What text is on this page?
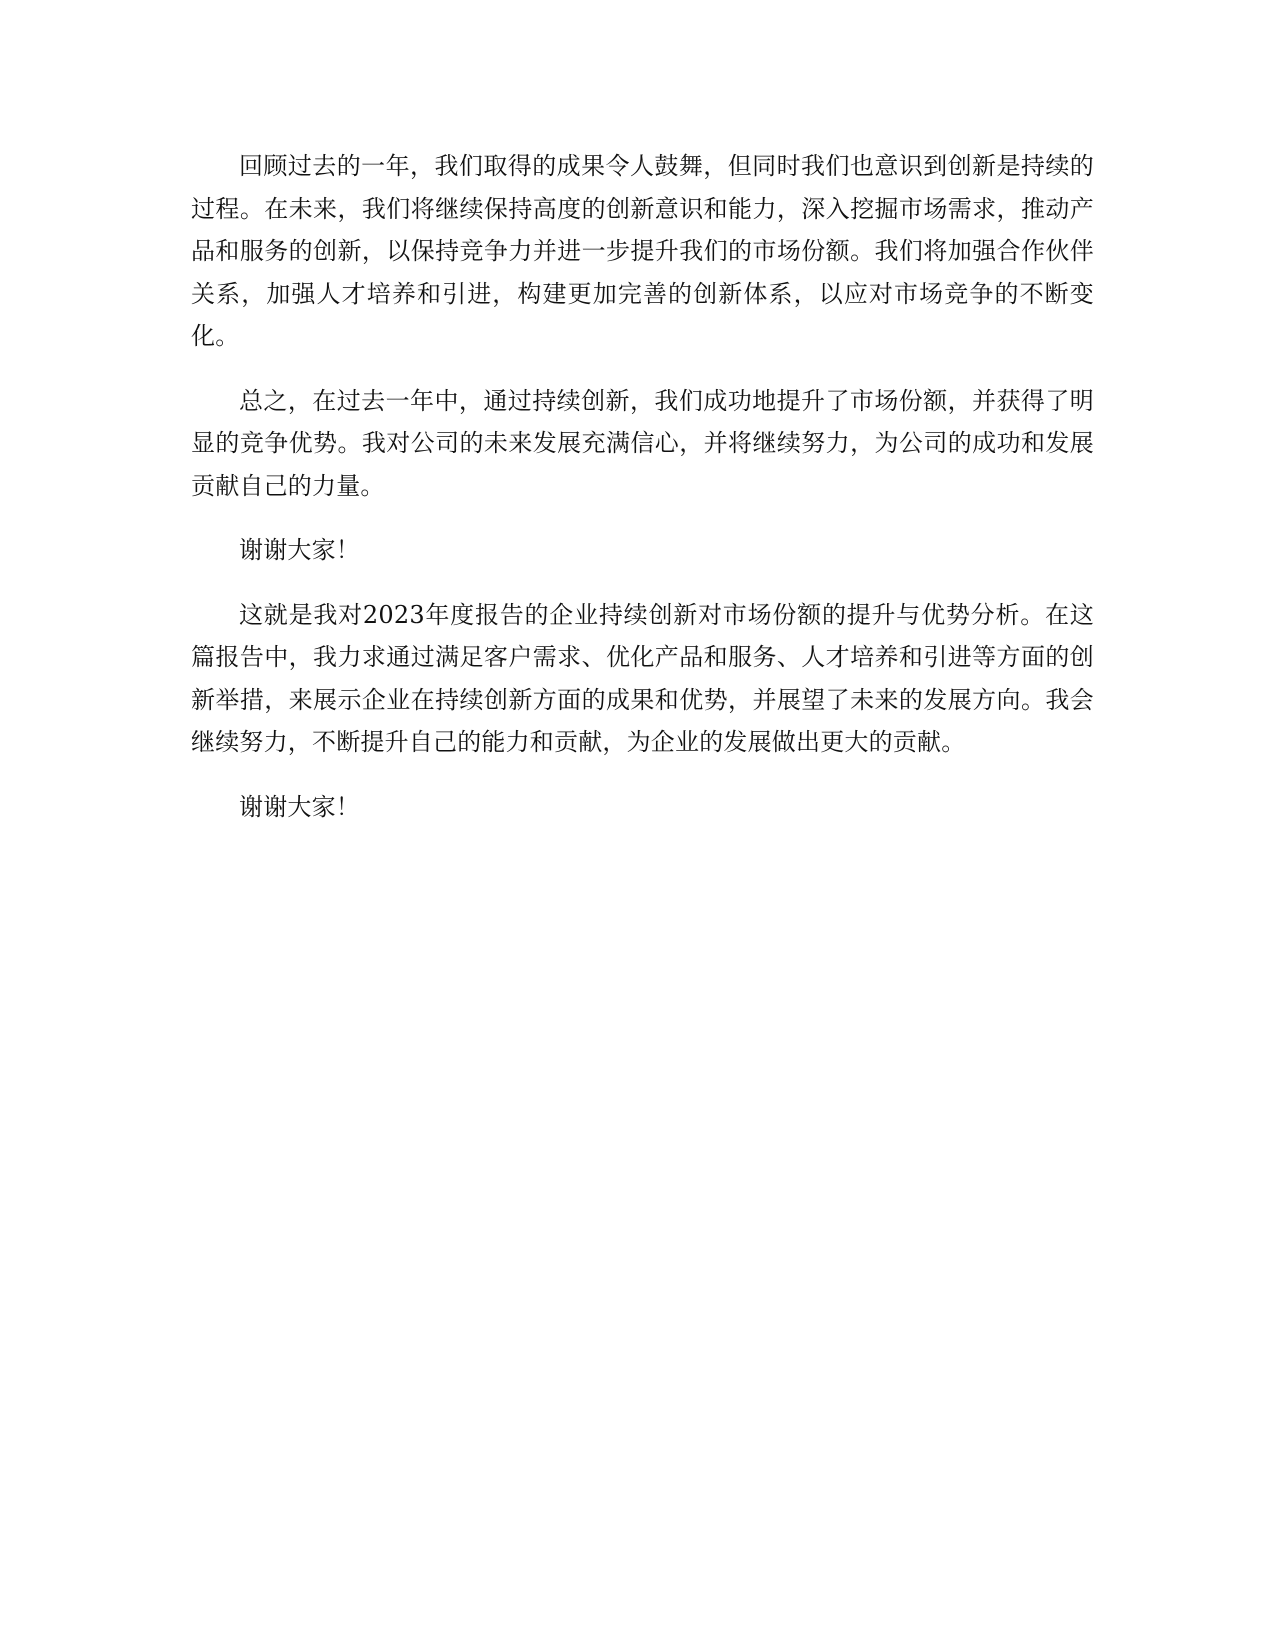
回顾过去的一年，我们取得的成果令人鼓舞，但同时我们也意识到创新是持续的过程。在未来，我们将继续保持高度的创新意识和能力，深入挖掘市场需求，推动产品和服务的创新，以保持竞争力并进一步提升我们的市场份额。我们将加强合作伙伴关系，加强人才培养和引进，构建更加完善的创新体系，以应对市场竞争的不断变化。

总之，在过去一年中，通过持续创新，我们成功地提升了市场份额，并获得了明显的竞争优势。我对公司的未来发展充满信心，并将继续努力，为公司的成功和发展贡献自己的力量。

谢谢大家！

这就是我对2023年度报告的企业持续创新对市场份额的提升与优势分析。在这篇报告中，我力求通过满足客户需求、优化产品和服务、人才培养和引进等方面的创新举措，来展示企业在持续创新方面的成果和优势，并展望了未来的发展方向。我会继续努力，不断提升自己的能力和贡献，为企业的发展做出更大的贡献。

谢谢大家！
